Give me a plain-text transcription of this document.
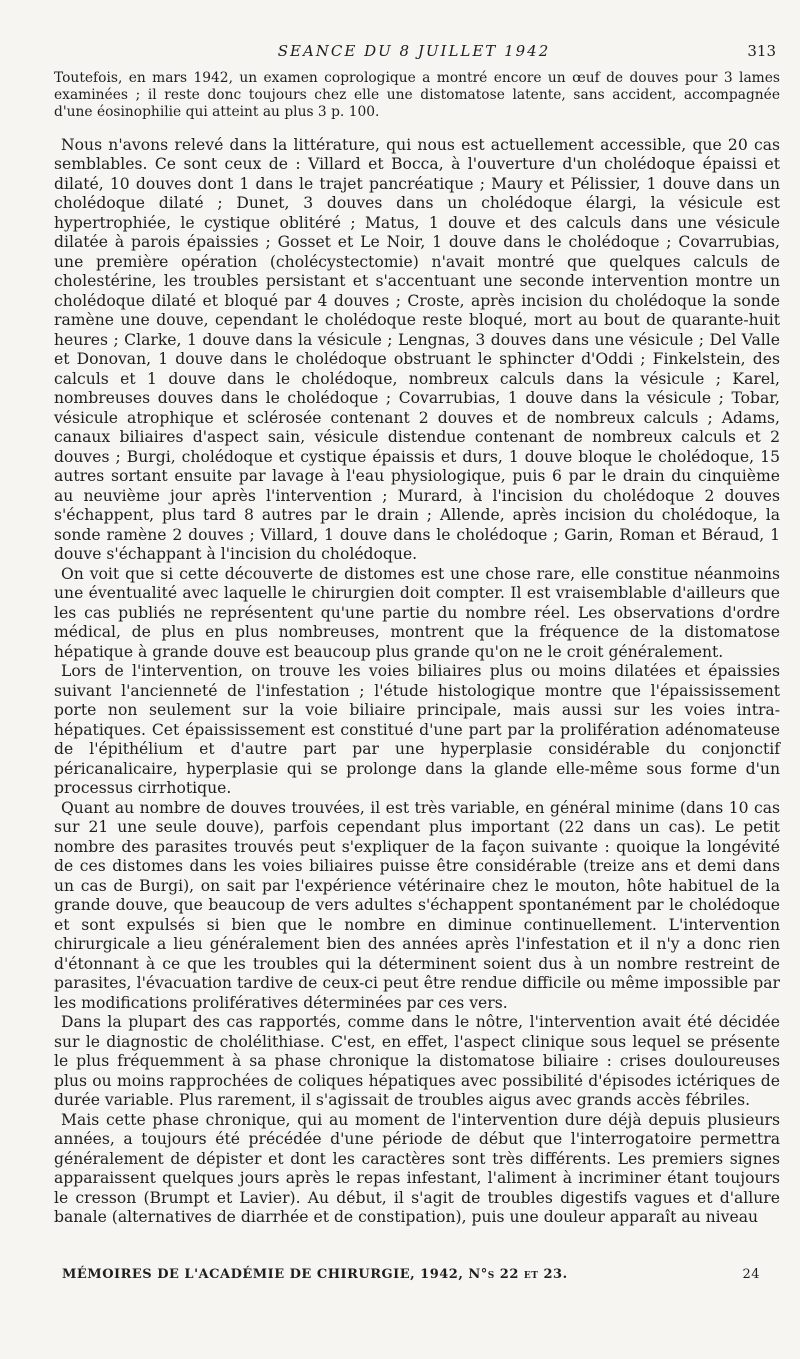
SEANCE DU 8 JUILLET 1942	313

Toutefois, en mars 1942, un examen coprologique a montré encore un œuf de douves pour 3 lames examinées ; il reste donc toujours chez elle une distomatose latente, sans accident, accompagnée d'une éosinophilie qui atteint au plus 3 p. 100.

Nous n'avons relevé dans la littérature, qui nous est actuellement accessible, que 20 cas semblables. Ce sont ceux de : Villard et Bocca, à l'ouverture d'un cholédoque épaissi et dilaté, 10 douves dont 1 dans le trajet pancréatique ; Maury et Pélissier, 1 douve dans un cholédoque dilaté ; Dunet, 3 douves dans un cholédoque élargi, la vésicule est hypertrophiée, le cystique oblitéré ; Matus, 1 douve et des calculs dans une vésicule dilatée à parois épaissies ; Gosset et Le Noir, 1 douve dans le cholédoque ; Covarrubias, une première opération (cholécystectomie) n'avait montré que quelques calculs de cholestérine, les troubles persistant et s'accentuant une seconde intervention montre un cholédoque dilaté et bloqué par 4 douves ; Croste, après incision du cholédoque la sonde ramène une douve, cependant le cholédoque reste bloqué, mort au bout de quarante-huit heures ; Clarke, 1 douve dans la vésicule ; Lengnas, 3 douves dans une vésicule ; Del Valle et Donovan, 1 douve dans le cholédoque obstruant le sphincter d'Oddi ; Finkelstein, des calculs et 1 douve dans le cholédoque, nombreux calculs dans la vésicule ; Karel, nombreuses douves dans le cholédoque ; Covarrubias, 1 douve dans la vésicule ; Tobar, vésicule atrophique et sclérosée contenant 2 douves et de nombreux calculs ; Adams, canaux biliaires d'aspect sain, vésicule distendue contenant de nombreux calculs et 2 douves ; Burgi, cholédoque et cystique épaissis et durs, 1 douve bloque le cholédoque, 15 autres sortant ensuite par lavage à l'eau physiologique, puis 6 par le drain du cinquième au neuvième jour après l'intervention ; Murard, à l'incision du cholédoque 2 douves s'échappent, plus tard 8 autres par le drain ; Allende, après incision du cholédoque, la sonde ramène 2 douves ; Villard, 1 douve dans le cholédoque ; Garin, Roman et Béraud, 1 douve s'échappant à l'incision du cholédoque.

On voit que si cette découverte de distomes est une chose rare, elle constitue néanmoins une éventualité avec laquelle le chirurgien doit compter. Il est vraisemblable d'ailleurs que les cas publiés ne représentent qu'une partie du nombre réel. Les observations d'ordre médical, de plus en plus nombreuses, montrent que la fréquence de la distomatose hépatique à grande douve est beaucoup plus grande qu'on ne le croit généralement.

Lors de l'intervention, on trouve les voies biliaires plus ou moins dilatées et épaissies suivant l'ancienneté de l'infestation ; l'étude histologique montre que l'épaississement porte non seulement sur la voie biliaire principale, mais aussi sur les voies intra-hépatiques. Cet épaississement est constitué d'une part par la prolifération adénomateuse de l'épithélium et d'autre part par une hyperplasie considérable du conjonctif péricanalicaire, hyperplasie qui se prolonge dans la glande elle-même sous forme d'un processus cirrhotique.

Quant au nombre de douves trouvées, il est très variable, en général minime (dans 10 cas sur 21 une seule douve), parfois cependant plus important (22 dans un cas). Le petit nombre des parasites trouvés peut s'expliquer de la façon suivante : quoique la longévité de ces distomes dans les voies biliaires puisse être considérable (treize ans et demi dans un cas de Burgi), on sait par l'expérience vétérinaire chez le mouton, hôte habituel de la grande douve, que beaucoup de vers adultes s'échappent spontanément par le cholédoque et sont expulsés si bien que le nombre en diminue continuellement. L'intervention chirurgicale a lieu généralement bien des années après l'infestation et il n'y a donc rien d'étonnant à ce que les troubles qui la déterminent soient dus à un nombre restreint de parasites, l'évacuation tardive de ceux-ci peut être rendue difficile ou même impossible par les modifications prolifératives déterminées par ces vers.

Dans la plupart des cas rapportés, comme dans le nôtre, l'intervention avait été décidée sur le diagnostic de cholélithiase. C'est, en effet, l'aspect clinique sous lequel se présente le plus fréquemment à sa phase chronique la distomatose biliaire : crises douloureuses plus ou moins rapprochées de coliques hépatiques avec possibilité d'épisodes ictériques de durée variable. Plus rarement, il s'agissait de troubles aigus avec grands accès fébriles.

Mais cette phase chronique, qui au moment de l'intervention dure déjà depuis plusieurs années, a toujours été précédée d'une période de début que l'interrogatoire permettra généralement de dépister et dont les caractères sont très différents. Les premiers signes apparaissent quelques jours après le repas infestant, l'aliment à incriminer étant toujours le cresson (Brumpt et Lavier). Au début, il s'agit de troubles digestifs vagues et d'allure banale (alternatives de diarrhée et de constipation), puis une douleur apparaît au niveau

MÉMOIRES DE L'ACADÉMIE DE CHIRURGIE, 1942, N°s 22 et 23.	24
